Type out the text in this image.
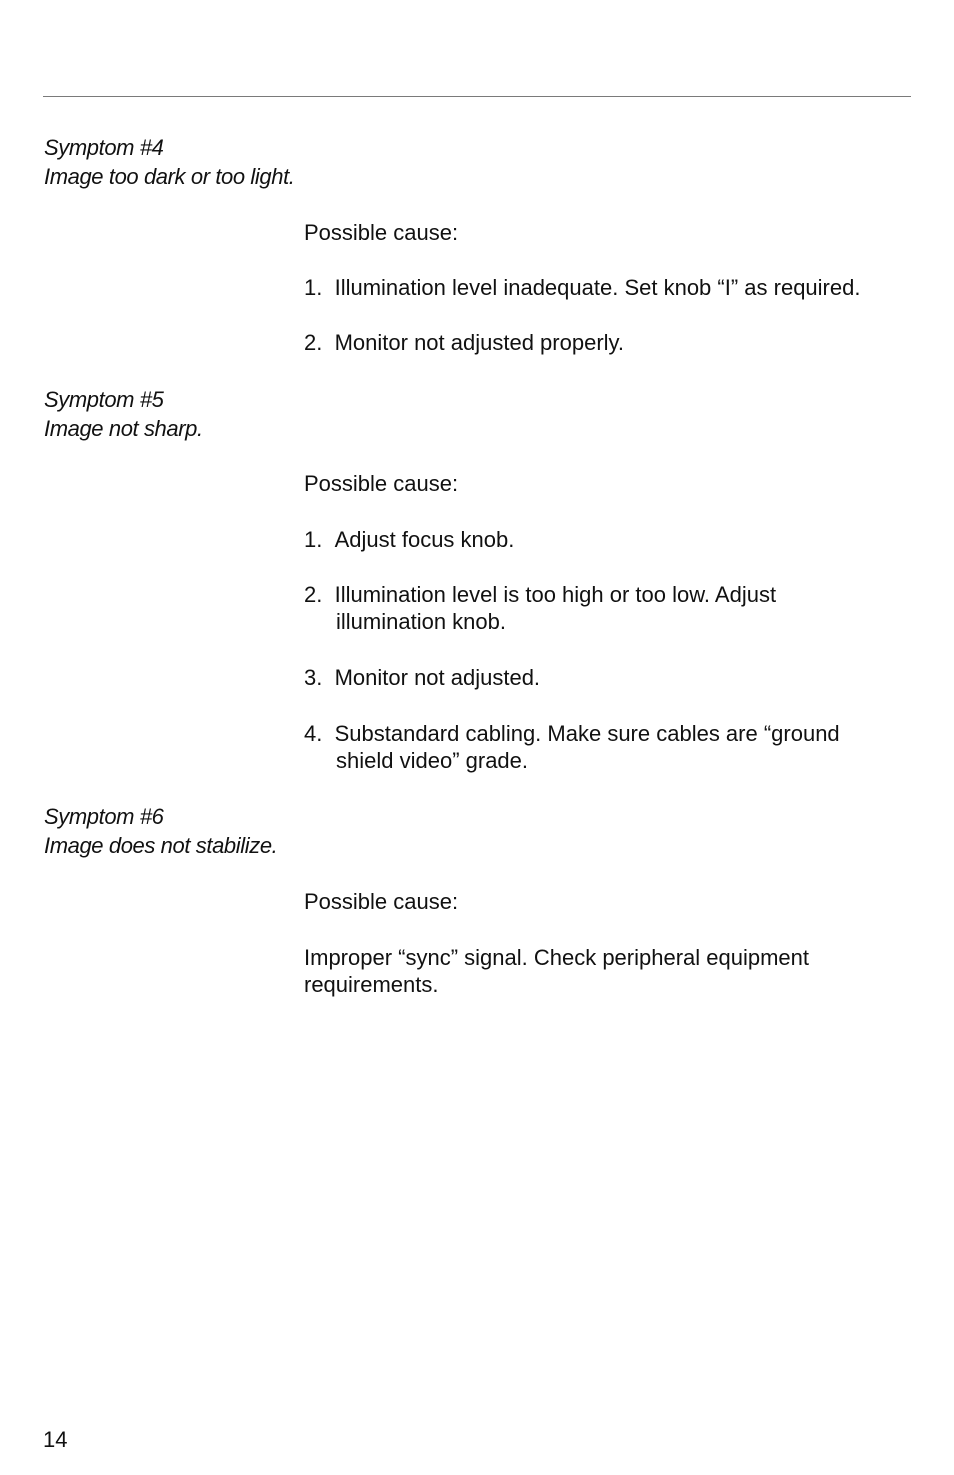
Symptom #4
Image too dark or too light.
Possible cause:
1. Illumination level inadequate. Set knob “I” as required.
2. Monitor not adjusted properly.
Symptom #5
Image not sharp.
Possible cause:
1. Adjust focus knob.
2. Illumination level is too high or too low. Adjust
illumination knob.
3. Monitor not adjusted.
4. Substandard cabling. Make sure cables are “ground
shield video” grade.
Symptom #6
Image does not stabilize.
Possible cause:
Improper “sync” signal. Check peripheral equipment
requirements.
14
